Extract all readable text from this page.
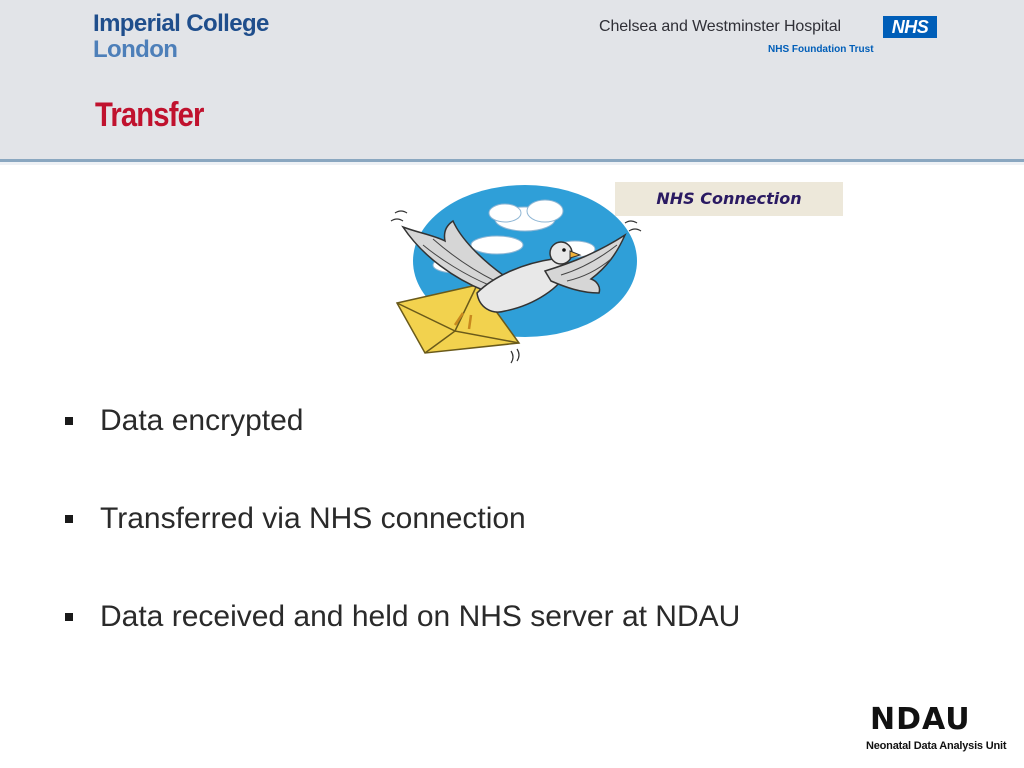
Imperial College
London
Chelsea and Westminster Hospital	NHS
NHS Foundation Trust
Transfer
NHS Connection
Data encrypted
Transferred via NHS connection
Data received and held on NHS server at NDAU
NDAU
Neonatal Data Analysis Unit
